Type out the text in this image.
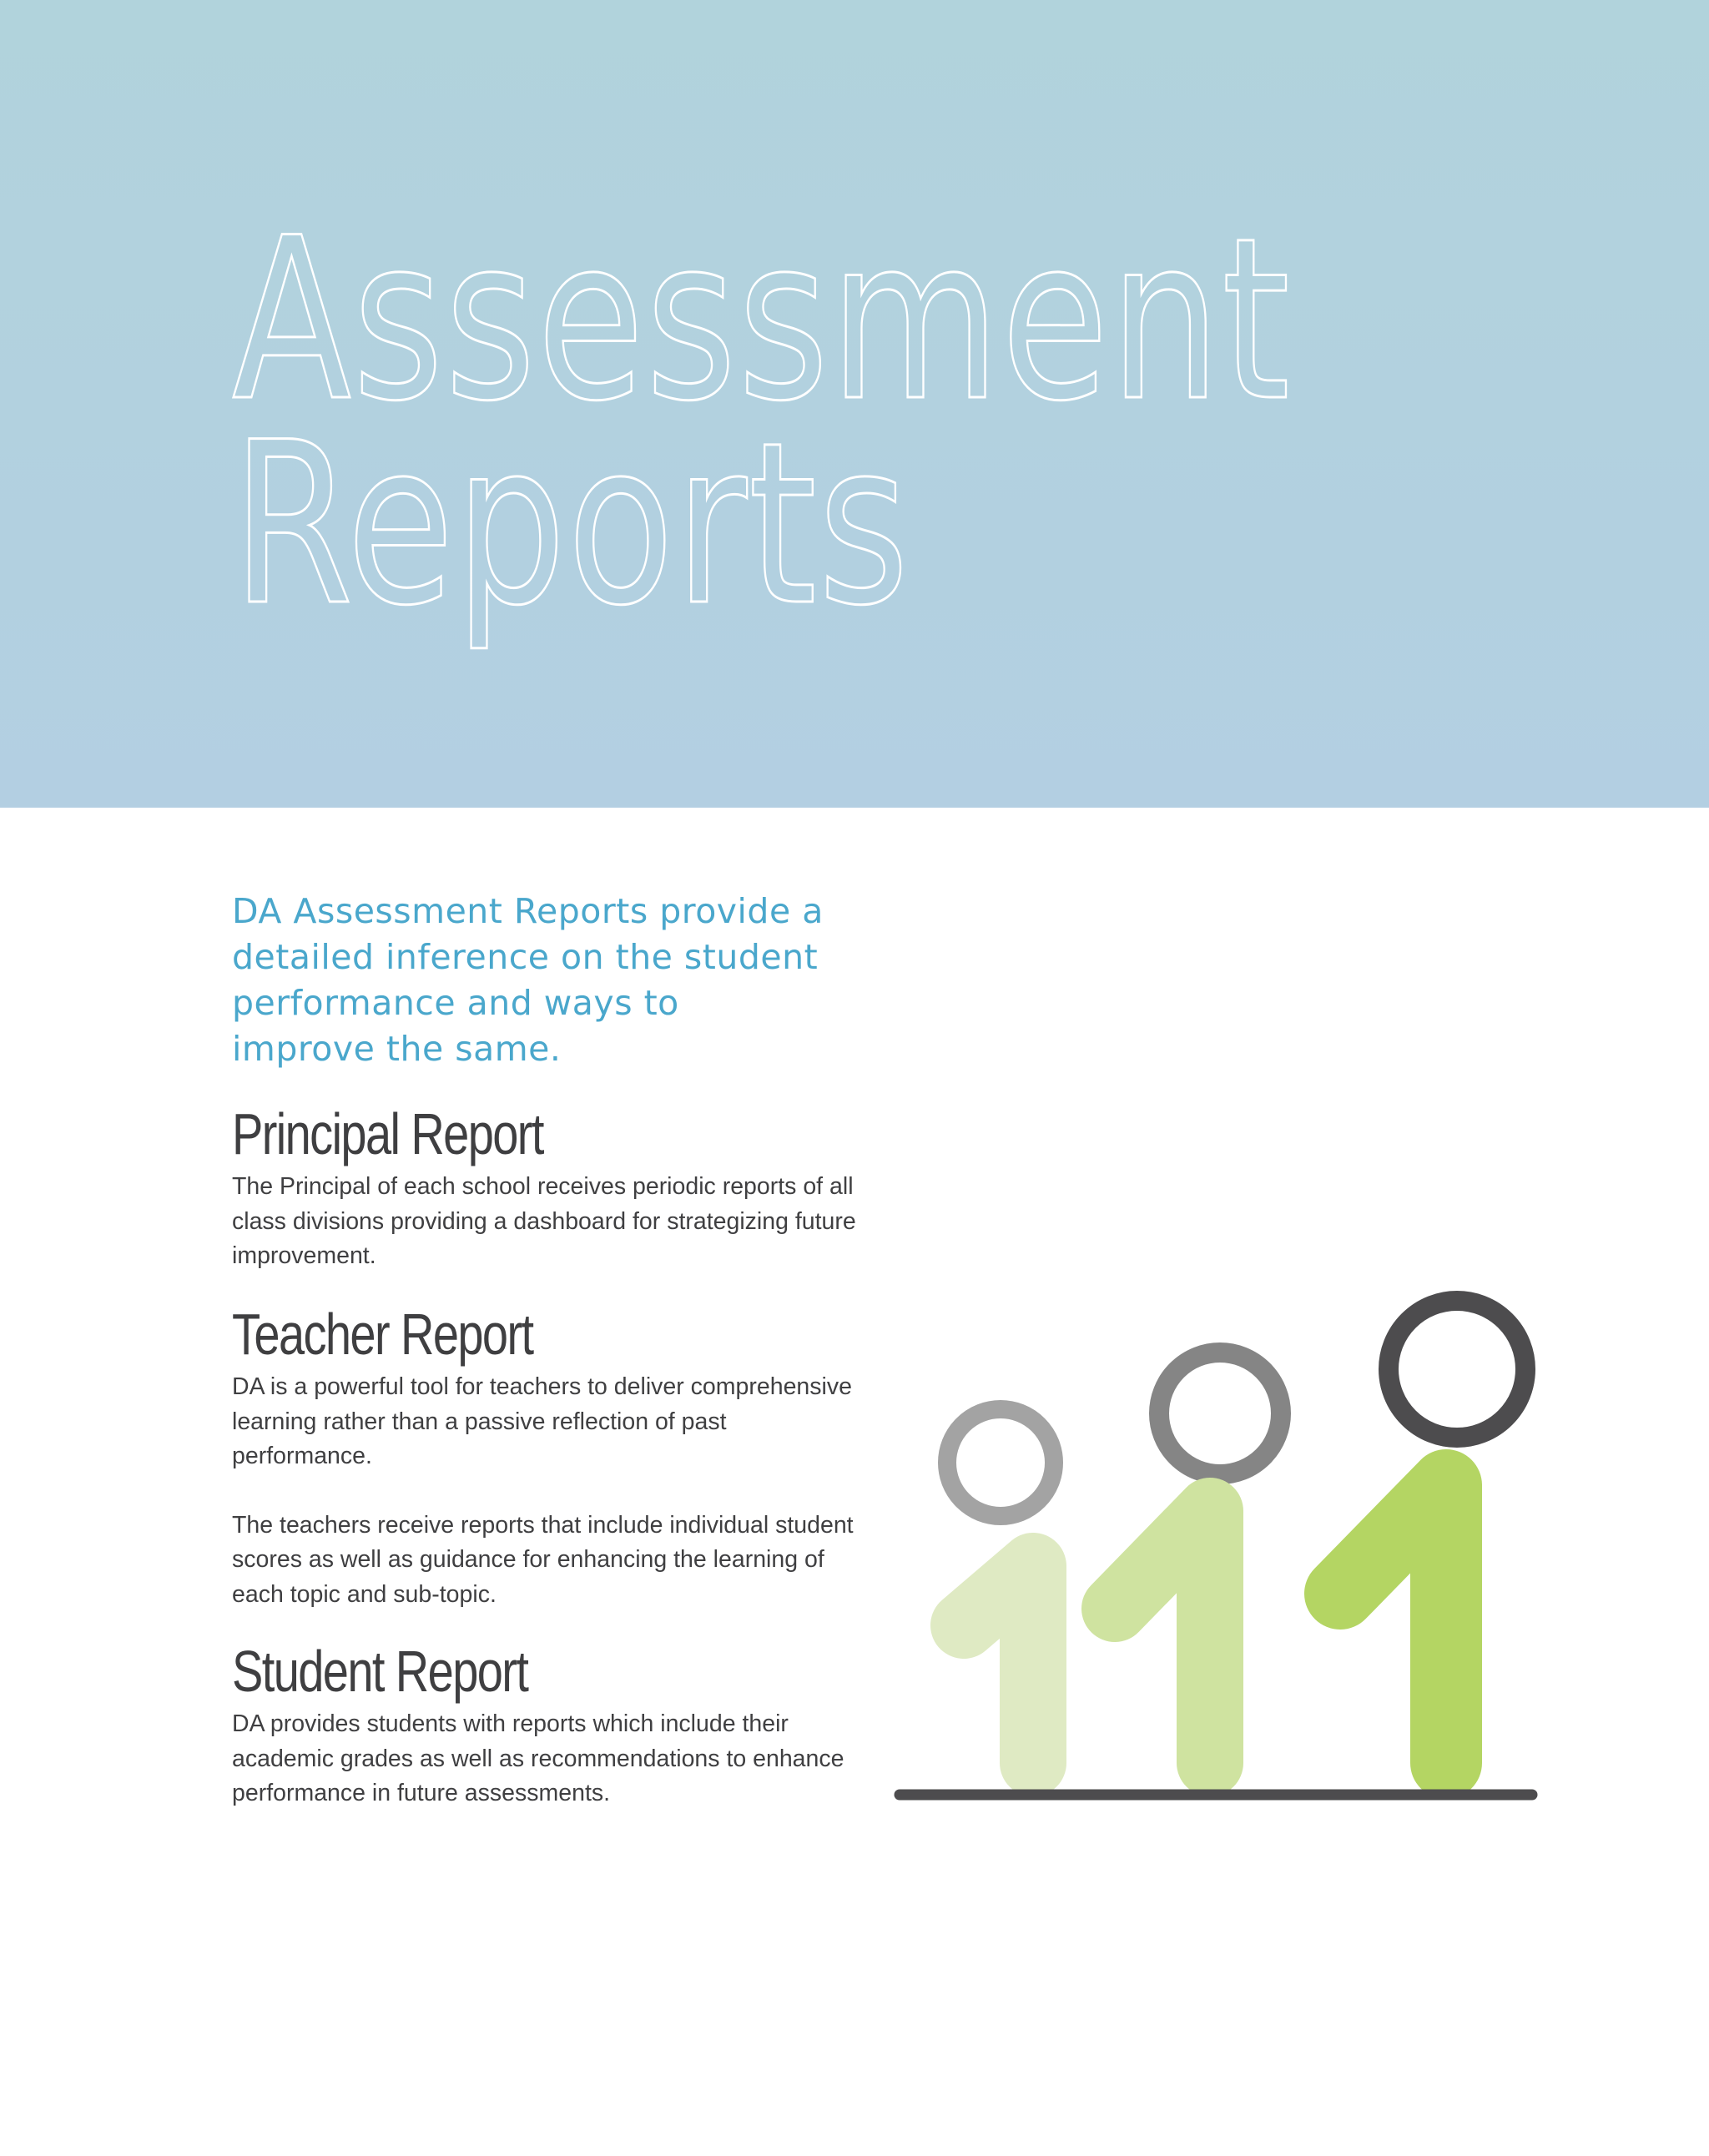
Assessment
Reports
DA Assessment Reports provide a detailed inference on the student performance and ways to improve the same.
Principal Report

The Principal of each school receives periodic reports of all class divisions providing a dashboard for strategizing future improvement.

Teacher Report

DA is a powerful tool for teachers to deliver comprehensive learning rather than a passive reflection of past performance.

The teachers receive reports that include individual student scores as well as guidance for enhancing the learning of each topic and sub-topic.

Student Report

DA provides students with reports which include their academic grades as well as recommendations to enhance performance in future assessments.
